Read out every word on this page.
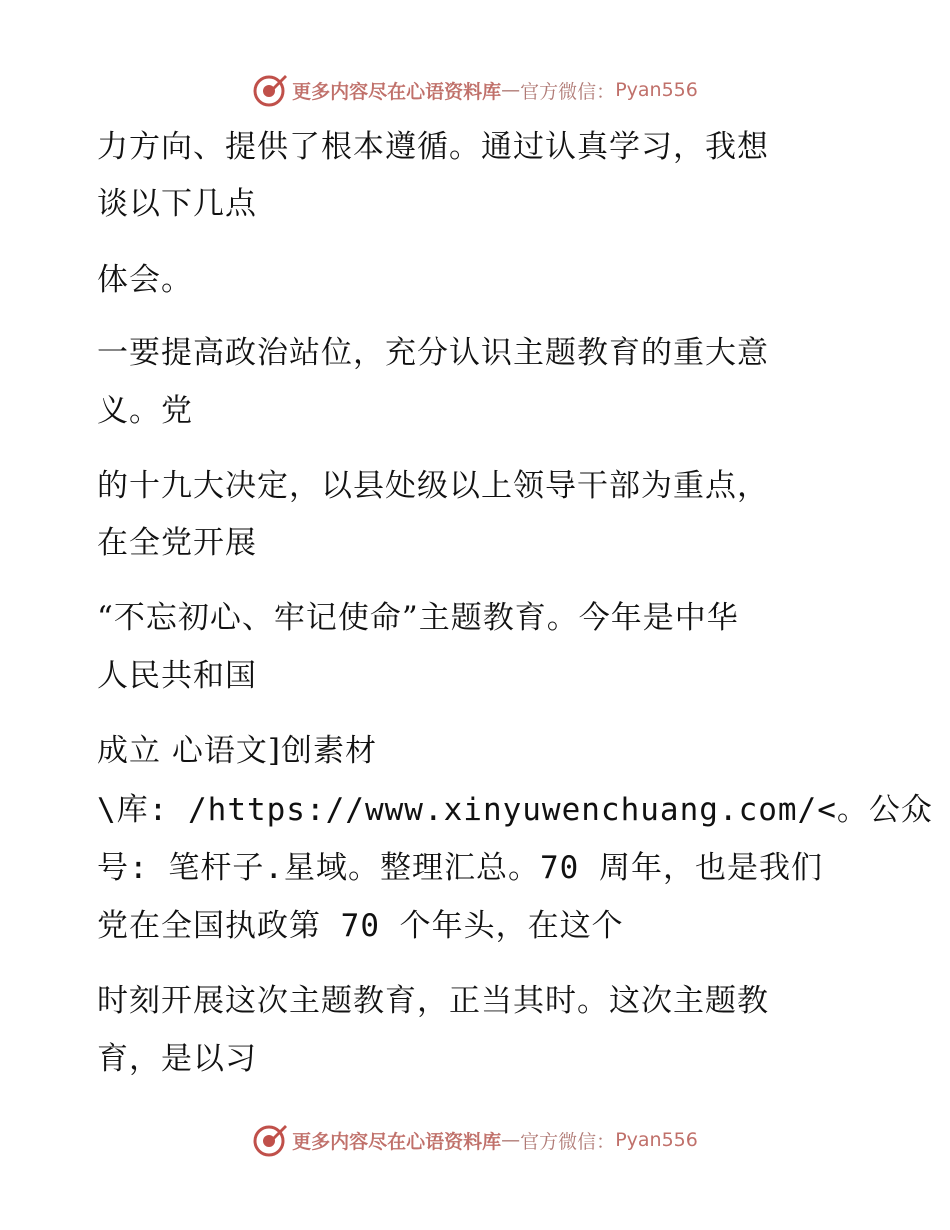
更多内容尽在心语资料库 — 官方微信： Pyan556
力方向、提供了根本遵循。通过认真学习，我想
谈以下几点
体会。
一要提高政治站位，充分认识主题教育的重大意
义。党
的十九大决定，以县处级以上领导干部为重点，
在全党开展
“不忘初心、牢记使命”主题教育。今年是中华
人民共和国
成立 心语文]创素材
\库: /https://www.xinyuwenchuang.com/<。公众
号: 笔杆子.星域。整理汇总。70 周年，也是我们
党在全国执政第 70 个年头，在这个
时刻开展这次主题教育，正当其时。这次主题教
育，是以习
更多内容尽在心语资料库 — 官方微信： Pyan556
